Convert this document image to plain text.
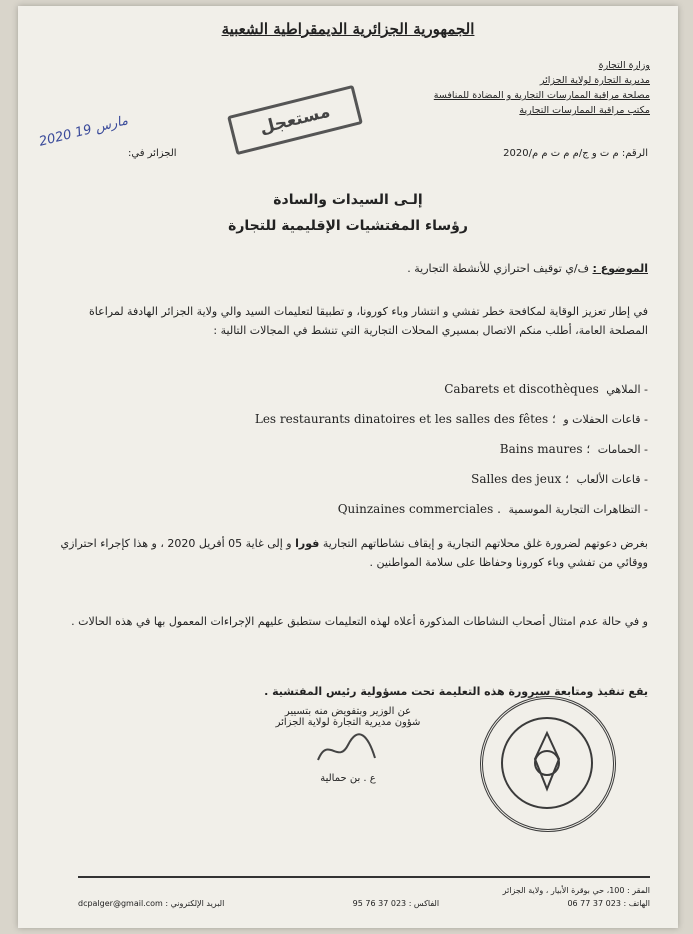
الجمهورية الجزائرية الديمقراطية الشعبية
وزارة التجارة
مديرية التجارة لولاية الجزائر
مصلحة مراقبة الممارسات التجارية و المضادة للمنافسة
مكتب مراقبة الممارسات التجارية
2020 مارس 19	مستعجل
الرقم: م ت و ج/م م ت م م/2020
الجزائر في:
إلـى السيدات والسادة
رؤساء المفتشيات الإقليمية للتجارة
الموضوع : ف/ي توقيف احترازي للأنشطة التجارية .
في إطار تعزيز الوقاية لمكافحة خطر تفشي و انتشار وباء كورونا، و تطبيقا لتعليمات السيد والي ولاية الجزائر الهادفة لمراعاة المصلحة العامة، أطلب منكم الاتصال بمسيري المحلات التجارية التي تنشط في المجالات التالية :
- الملاهي Cabarets et discothèques
- قاعات الحفلات و Les restaurants dinatoires et les salles des fêtes ؛
- الحمامات Bains maures ؛
- قاعات الألعاب Salles des jeux ؛
- التظاهرات التجارية الموسمية Quinzaines commerciales .
بغرض دعوتهم لضرورة غلق محلاتهم التجارية و إيقاف نشاطاتهم التجارية فورا و إلى غاية 05 أفريل 2020 ، و هذا كإجراء احترازي ووقائي من تفشي وباء كورونا وحفاظا على سلامة المواطنين .
و في حالة عدم امتثال أصحاب النشاطات المذكورة أعلاه لهذه التعليمات ستطبق عليهم الإجراءات المعمول بها في هذه الحالات .
يقع تنفيذ ومتابعة سيرورة هذه التعليمة تحت مسؤولية رئيس المفتشية .
عن الوزير وبتفويض منه بتسيير
شؤون مديرية التجارة لولاية الجزائر
ع . بن حمالية
المقر : 100، حي بوقرة الأبيار ، ولاية الجزائر
الهاتف : 023 37 77 06
الفاكس : 023 37 76 95
البريد الإلكتروني : dcpalger@gmail.com
